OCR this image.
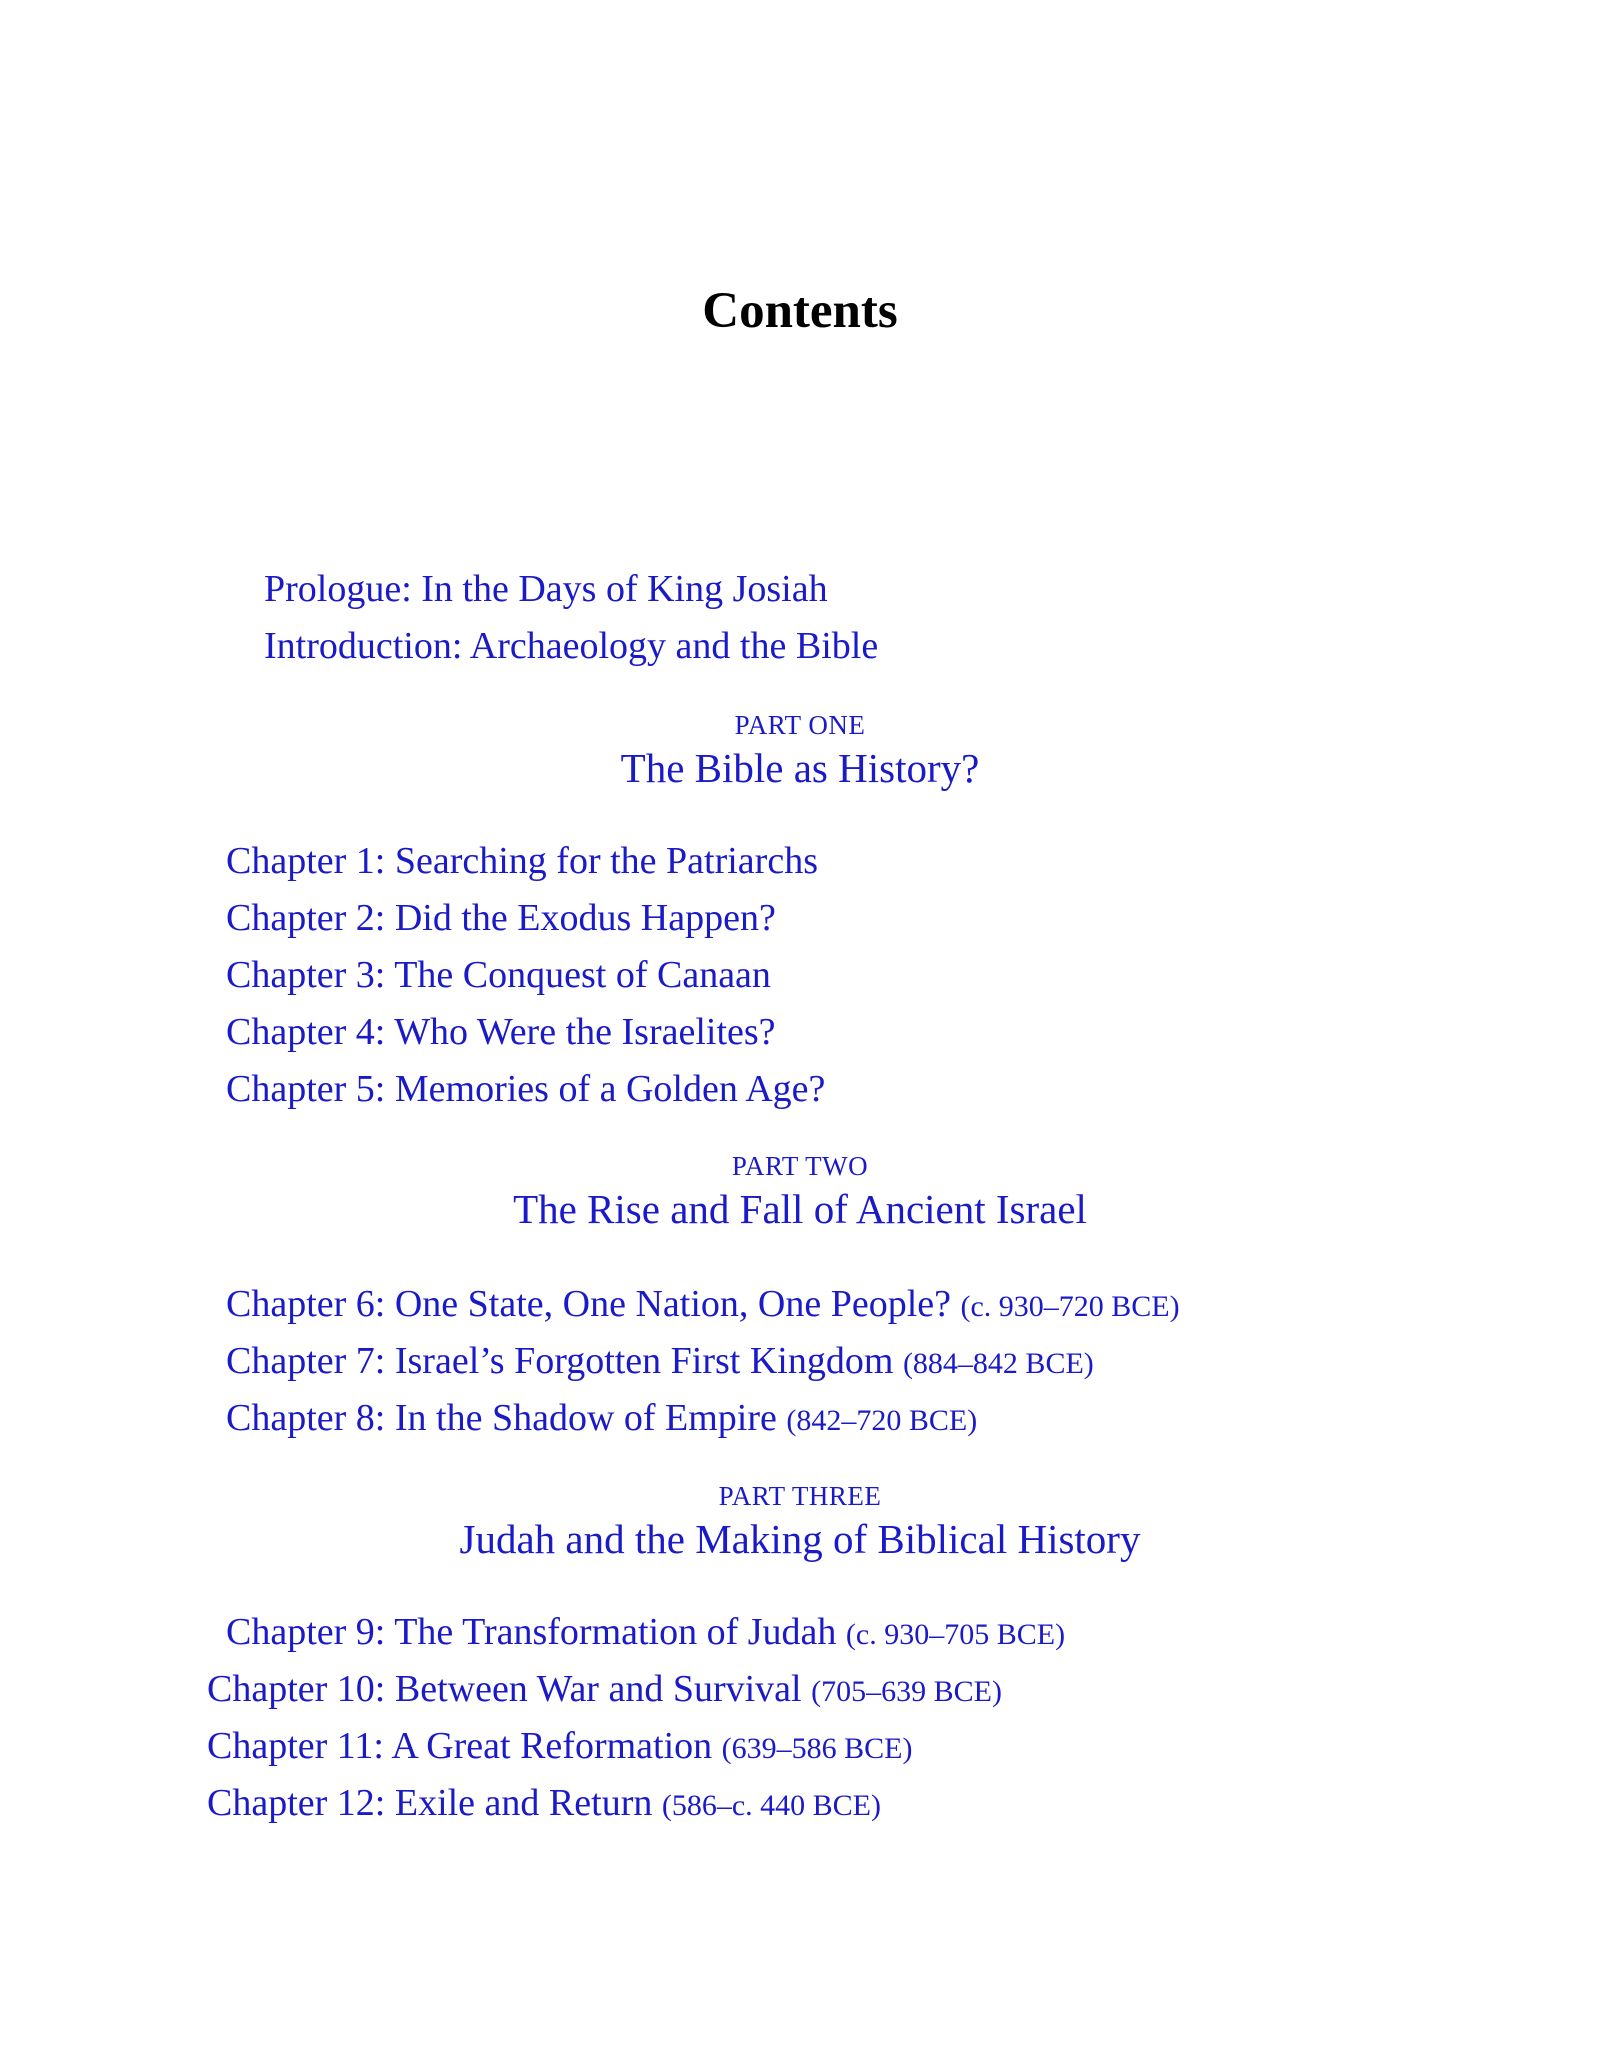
Contents
Prologue: In the Days of King Josiah
Introduction: Archaeology and the Bible
PART ONE
The Bible as History?
Chapter 1: Searching for the Patriarchs
Chapter 2: Did the Exodus Happen?
Chapter 3: The Conquest of Canaan
Chapter 4: Who Were the Israelites?
Chapter 5: Memories of a Golden Age?
PART TWO
The Rise and Fall of Ancient Israel
Chapter 6: One State, One Nation, One People? (c. 930–720 BCE)
Chapter 7: Israel’s Forgotten First Kingdom (884–842 BCE)
Chapter 8: In the Shadow of Empire (842–720 BCE)
PART THREE
Judah and the Making of Biblical History
Chapter 9: The Transformation of Judah (c. 930–705 BCE)
Chapter 10: Between War and Survival (705–639 BCE)
Chapter 11: A Great Reformation (639–586 BCE)
Chapter 12: Exile and Return (586–c. 440 BCE)
